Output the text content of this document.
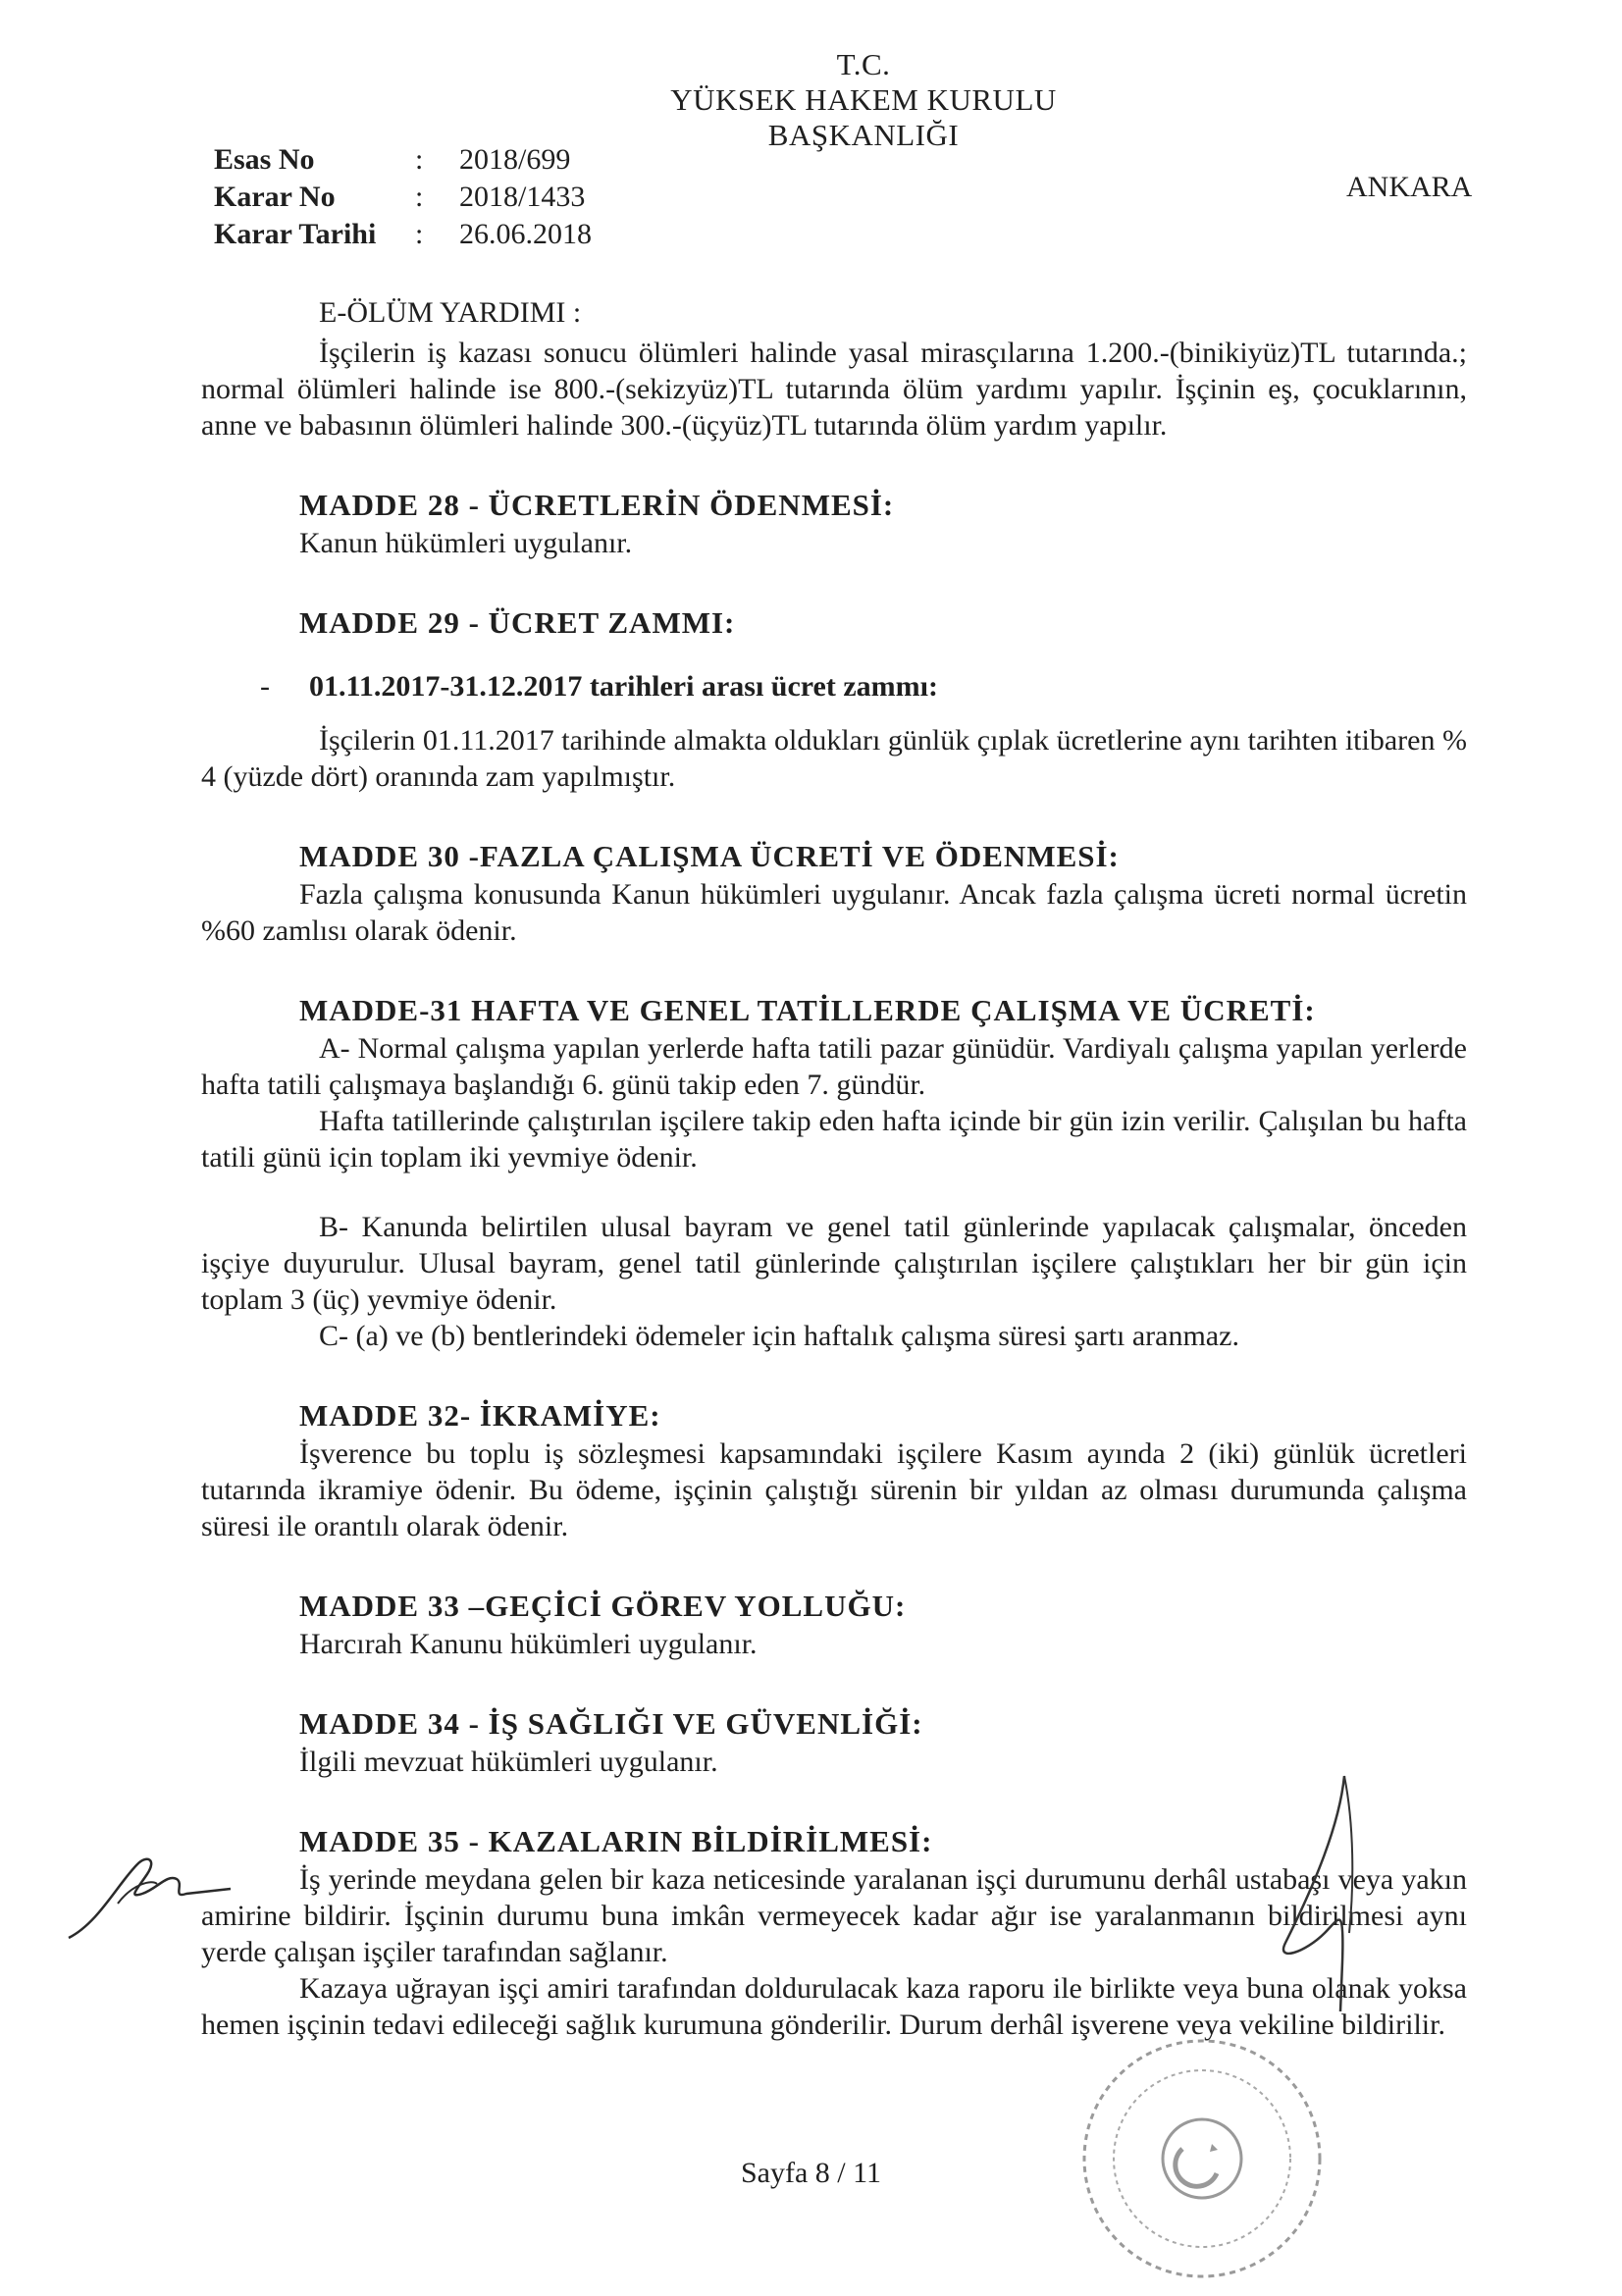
T.C.
YÜKSEK HAKEM KURULU
BAŞKANLIĞI
Esas No	:	2018/699
Karar No	:	2018/1433
Karar Tarihi	:	26.06.2018
ANKARA
E-ÖLÜM YARDIMI :

İşçilerin iş kazası sonucu ölümleri halinde yasal mirasçılarına 1.200.-(binikiyüz)TL tutarında.; normal ölümleri halinde ise 800.-(sekizyüz)TL tutarında ölüm yardımı yapılır. İşçinin eş, çocuklarının, anne ve babasının ölümleri halinde 300.-(üçyüz)TL tutarında ölüm yardım yapılır.

MADDE 28 - ÜCRETLERİN ÖDENMESİ:

Kanun hükümleri uygulanır.

MADDE 29 - ÜCRET ZAMMI:
-	01.11.2017-31.12.2017 tarihleri arası ücret zammı:

İşçilerin 01.11.2017 tarihinde almakta oldukları günlük çıplak ücretlerine aynı tarihten itibaren % 4 (yüzde dört) oranında zam yapılmıştır.

MADDE 30 -FAZLA ÇALIŞMA ÜCRETİ VE ÖDENMESİ:

Fazla çalışma konusunda Kanun hükümleri uygulanır. Ancak fazla çalışma ücreti normal ücretin %60 zamlısı olarak ödenir.

MADDE-31 HAFTA VE GENEL TATİLLERDE ÇALIŞMA VE ÜCRETİ:

A- Normal çalışma yapılan yerlerde hafta tatili pazar günüdür. Vardiyalı çalışma yapılan yerlerde hafta tatili çalışmaya başlandığı 6. günü takip eden 7. gündür.

Hafta tatillerinde çalıştırılan işçilere takip eden hafta içinde bir gün izin verilir. Çalışılan bu hafta tatili günü için toplam iki yevmiye ödenir.

B- Kanunda belirtilen ulusal bayram ve genel tatil günlerinde yapılacak çalışmalar, önceden işçiye duyurulur. Ulusal bayram, genel tatil günlerinde çalıştırılan işçilere çalıştıkları her bir gün için toplam 3 (üç) yevmiye ödenir.

C- (a) ve (b) bentlerindeki ödemeler için haftalık çalışma süresi şartı aranmaz.

MADDE 32- İKRAMİYE:

İşverence bu toplu iş sözleşmesi kapsamındaki işçilere Kasım ayında 2 (iki) günlük ücretleri tutarında ikramiye ödenir. Bu ödeme, işçinin çalıştığı sürenin bir yıldan az olması durumunda çalışma süresi ile orantılı olarak ödenir.

MADDE 33 –GEÇİCİ GÖREV YOLLUĞU:

Harcırah Kanunu hükümleri uygulanır.

MADDE 34 - İŞ SAĞLIĞI VE GÜVENLİĞİ:

İlgili mevzuat hükümleri uygulanır.

MADDE 35 - KAZALARIN BİLDİRİLMESİ:

İş yerinde meydana gelen bir kaza neticesinde yaralanan işçi durumunu derhâl ustabaşı veya yakın amirine bildirir. İşçinin durumu buna imkân vermeyecek kadar ağır ise yaralanmanın bildirilmesi aynı yerde çalışan işçiler tarafından sağlanır.

Kazaya uğrayan işçi amiri tarafından doldurulacak kaza raporu ile birlikte veya buna olanak yoksa hemen işçinin tedavi edileceği sağlık kurumuna gönderilir. Durum derhâl işverene veya vekiline bildirilir.

Sayfa 8 / 11
